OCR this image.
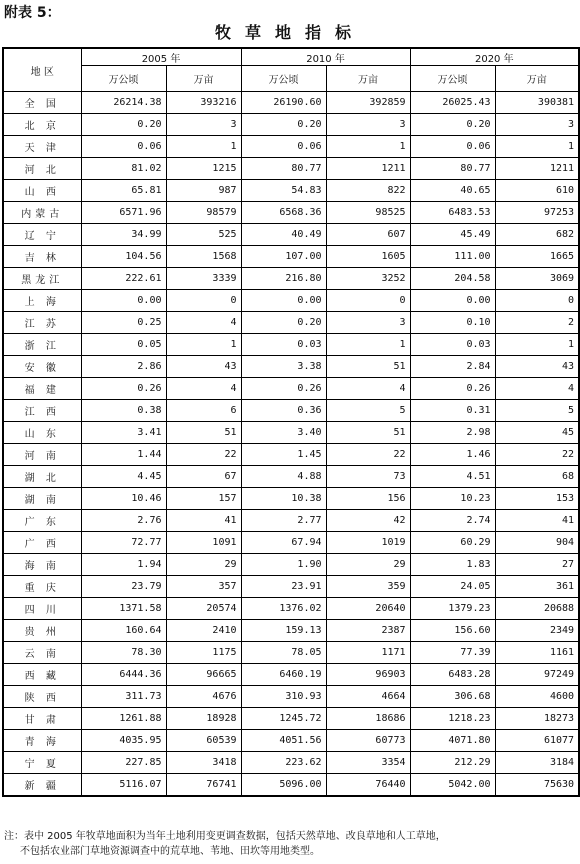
附表 5：
牧草地指标
地 区	2005 年		2010 年		2020 年	
	万公顷	万亩	万公顷	万亩	万公顷	万亩
全 国	26214.38	393216	26190.60	392859	26025.43	390381
北 京	0.20	3	0.20	3	0.20	3
天 津	0.06	1	0.06	1	0.06	1
河 北	81.02	1215	80.77	1211	80.77	1211
山 西	65.81	987	54.83	822	40.65	610
内蒙古	6571.96	98579	6568.36	98525	6483.53	97253
辽 宁	34.99	525	40.49	607	45.49	682
吉 林	104.56	1568	107.00	1605	111.00	1665
黑龙江	222.61	3339	216.80	3252	204.58	3069
上 海	0.00	0	0.00	0	0.00	0
江 苏	0.25	4	0.20	3	0.10	2
浙 江	0.05	1	0.03	1	0.03	1
安 徽	2.86	43	3.38	51	2.84	43
福 建	0.26	4	0.26	4	0.26	4
江 西	0.38	6	0.36	5	0.31	5
山 东	3.41	51	3.40	51	2.98	45
河 南	1.44	22	1.45	22	1.46	22
湖 北	4.45	67	4.88	73	4.51	68
湖 南	10.46	157	10.38	156	10.23	153
广 东	2.76	41	2.77	42	2.74	41
广 西	72.77	1091	67.94	1019	60.29	904
海 南	1.94	29	1.90	29	1.83	27
重 庆	23.79	357	23.91	359	24.05	361
四 川	1371.58	20574	1376.02	20640	1379.23	20688
贵 州	160.64	2410	159.13	2387	156.60	2349
云 南	78.30	1175	78.05	1171	77.39	1161
西 藏	6444.36	96665	6460.19	96903	6483.28	97249
陕 西	311.73	4676	310.93	4664	306.68	4600
甘 肃	1261.88	18928	1245.72	18686	1218.23	18273
青 海	4035.95	60539	4051.56	60773	4071.80	61077
宁 夏	227.85	3418	223.62	3354	212.29	3184
新 疆	5116.07	76741	5096.00	76440	5042.00	75630
注：表中 2005 年牧草地面积为当年土地利用变更调查数据，包括天然草地、改良草地和人工草地，
不包括农业部门草地资源调查中的荒草地、苇地、田坎等用地类型。
